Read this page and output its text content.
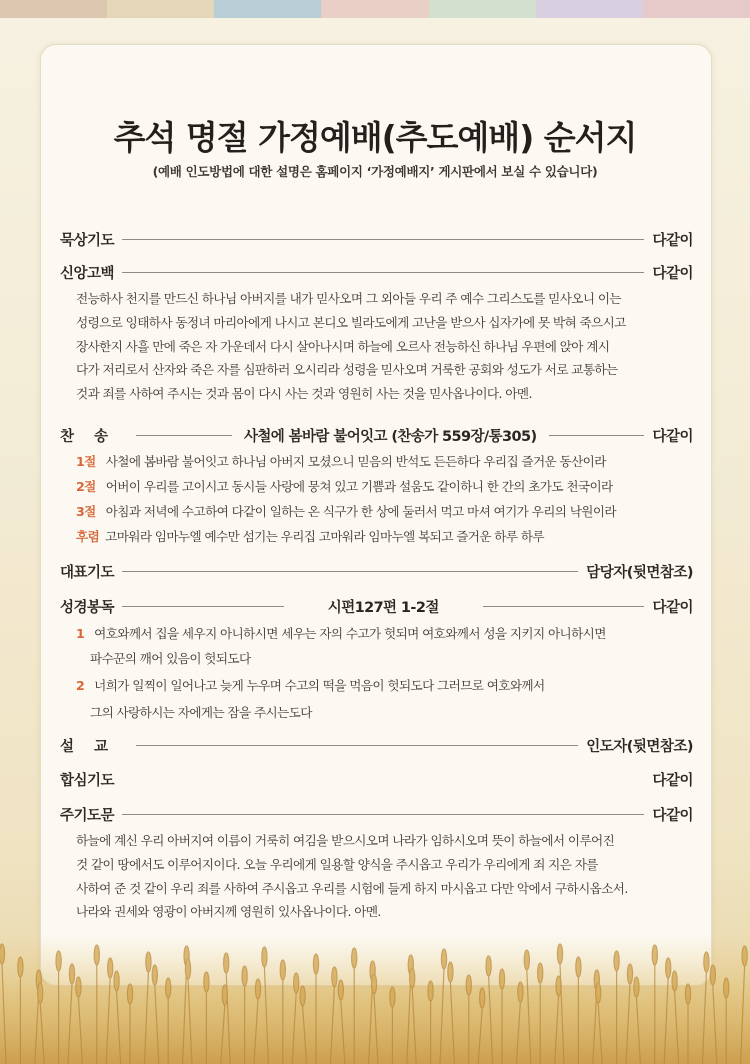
추석 명절 가정예배(추도예배) 순서지
(예배 인도방법에 대한 설명은 홈페이지 ‘가정예배지’ 게시판에서 보실 수 있습니다)
묵상기도	다같이
신앙고백	다같이
전능하사 천지를 만드신 하나님 아버지를 내가 믿사오며 그 외아들 우리 주 예수 그리스도를 믿사오니 이는
성령으로 잉태하사 동정녀 마리아에게 나시고 본디오 빌라도에게 고난을 받으사 십자가에 못 박혀 죽으시고
장사한지 사흘 만에 죽은 자 가운데서 다시 살아나시며 하늘에 오르사 전능하신 하나님 우편에 앉아 계시
다가 저리로서 산자와 죽은 자를 심판하러 오시리라 성령을 믿사오며 거룩한 공회와 성도가 서로 교통하는
것과 죄를 사하여 주시는 것과 몸이 다시 사는 것과 영원히 사는 것을 믿사옵나이다. 아멘.
찬송	사철에 봄바람 불어잇고 (찬송가 559장/통305)	다같이
1절 사철에 봄바람 불어잇고 하나님 아버지 모셨으니 믿음의 반석도 든든하다 우리집 즐거운 동산이라
2절 어버이 우리를 고이시고 동시들 사랑에 뭉쳐 있고 기쁨과 설움도 같이하니 한 간의 초가도 천국이라
3절 아침과 저녁에 수고하여 다같이 일하는 온 식구가 한 상에 둘러서 먹고 마셔 여기가 우리의 낙원이라
후렴 고마워라 임마누엘 예수만 섬기는 우리집 고마워라 임마누엘 복되고 즐거운 하루 하루
대표기도	담당자(뒷면참조)
성경봉독	시편127편 1-2절	다같이
1 여호와께서 집을 세우지 아니하시면 세우는 자의 수고가 헛되며 여호와께서 성을 지키지 아니하시면
파수꾼의 깨어 있음이 헛되도다
2 너희가 일찍이 일어나고 늦게 누우며 수고의 떡을 먹음이 헛되도다 그러므로 여호와께서
그의 사랑하시는 자에게는 잠을 주시는도다
설교	인도자(뒷면참조)
합심기도	다같이
주기도문	다같이
하늘에 계신 우리 아버지여 이름이 거룩히 여김을 받으시오며 나라가 임하시오며 뜻이 하늘에서 이루어진
것 같이 땅에서도 이루어지이다. 오늘 우리에게 일용할 양식을 주시옵고 우리가 우리에게 죄 지은 자를
사하여 준 것 같이 우리 죄를 사하여 주시옵고 우리를 시험에 들게 하지 마시옵고 다만 악에서 구하시옵소서.
나라와 권세와 영광이 아버지께 영원히 있사옵나이다. 아멘.
